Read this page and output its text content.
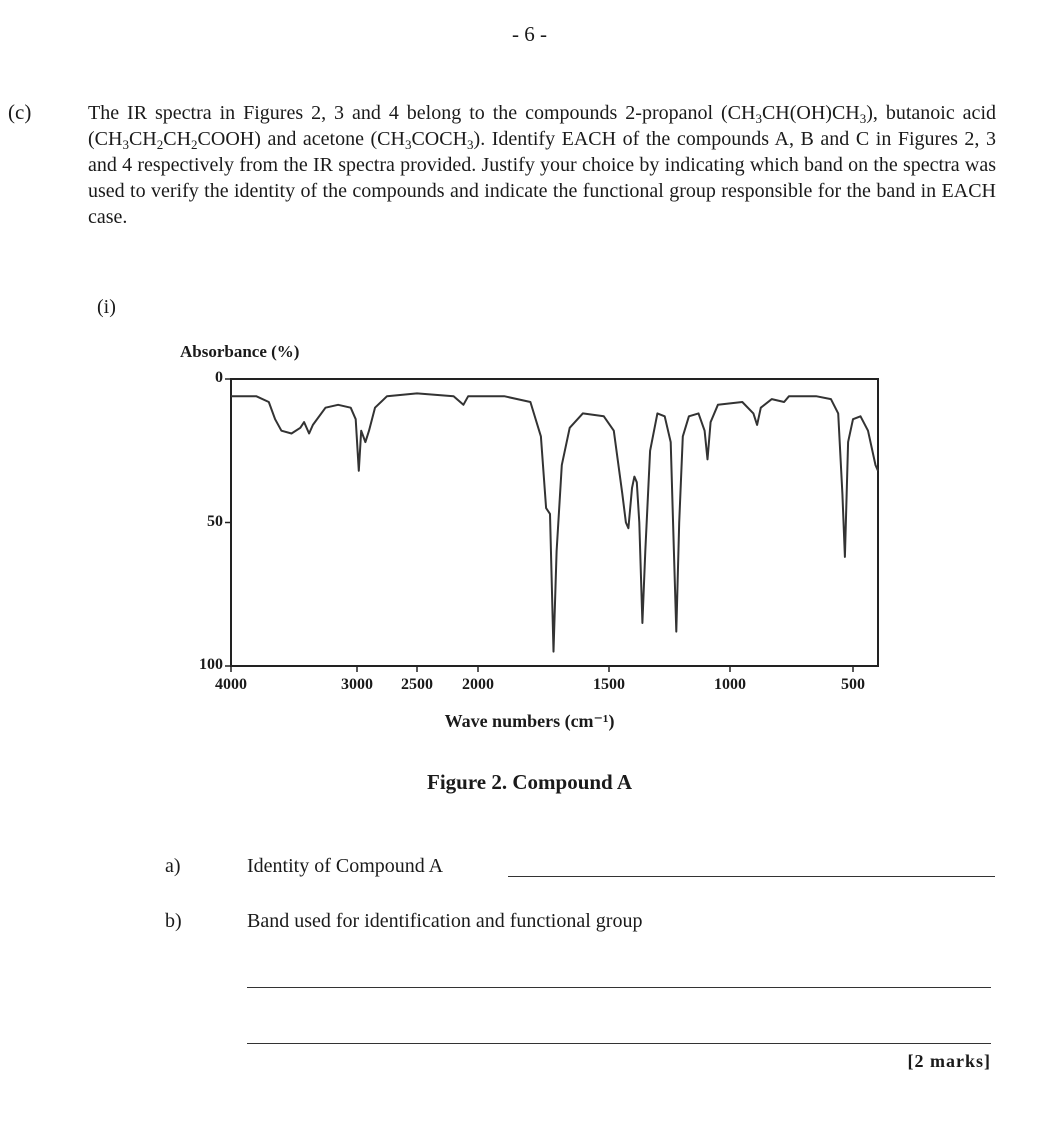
- 6 -
(c)	The IR spectra in Figures 2, 3 and 4 belong to the compounds 2-propanol $(CH_3CH(OH)CH_3)$, butanoic acid $(CH_3CH_2CH_2COOH)$ and acetone $(CH_3COCH_3)$. Identify EACH of the compounds A, B and C in Figures 2, 3 and 4 respectively from the IR spectra provided. Justify your choice by indicating which band on the spectra was used to verify the identity of the compounds and indicate the functional group responsible for the band in EACH case.
(i)
Absorbance (%)
0
50
100
4000	3000 2500 2000	1500	1000	500
Wave numbers (cm⁻¹)
Figure 2. Compound A
a)	Identity of Compound A
b)	Band used for identification and functional group
[2 marks]
